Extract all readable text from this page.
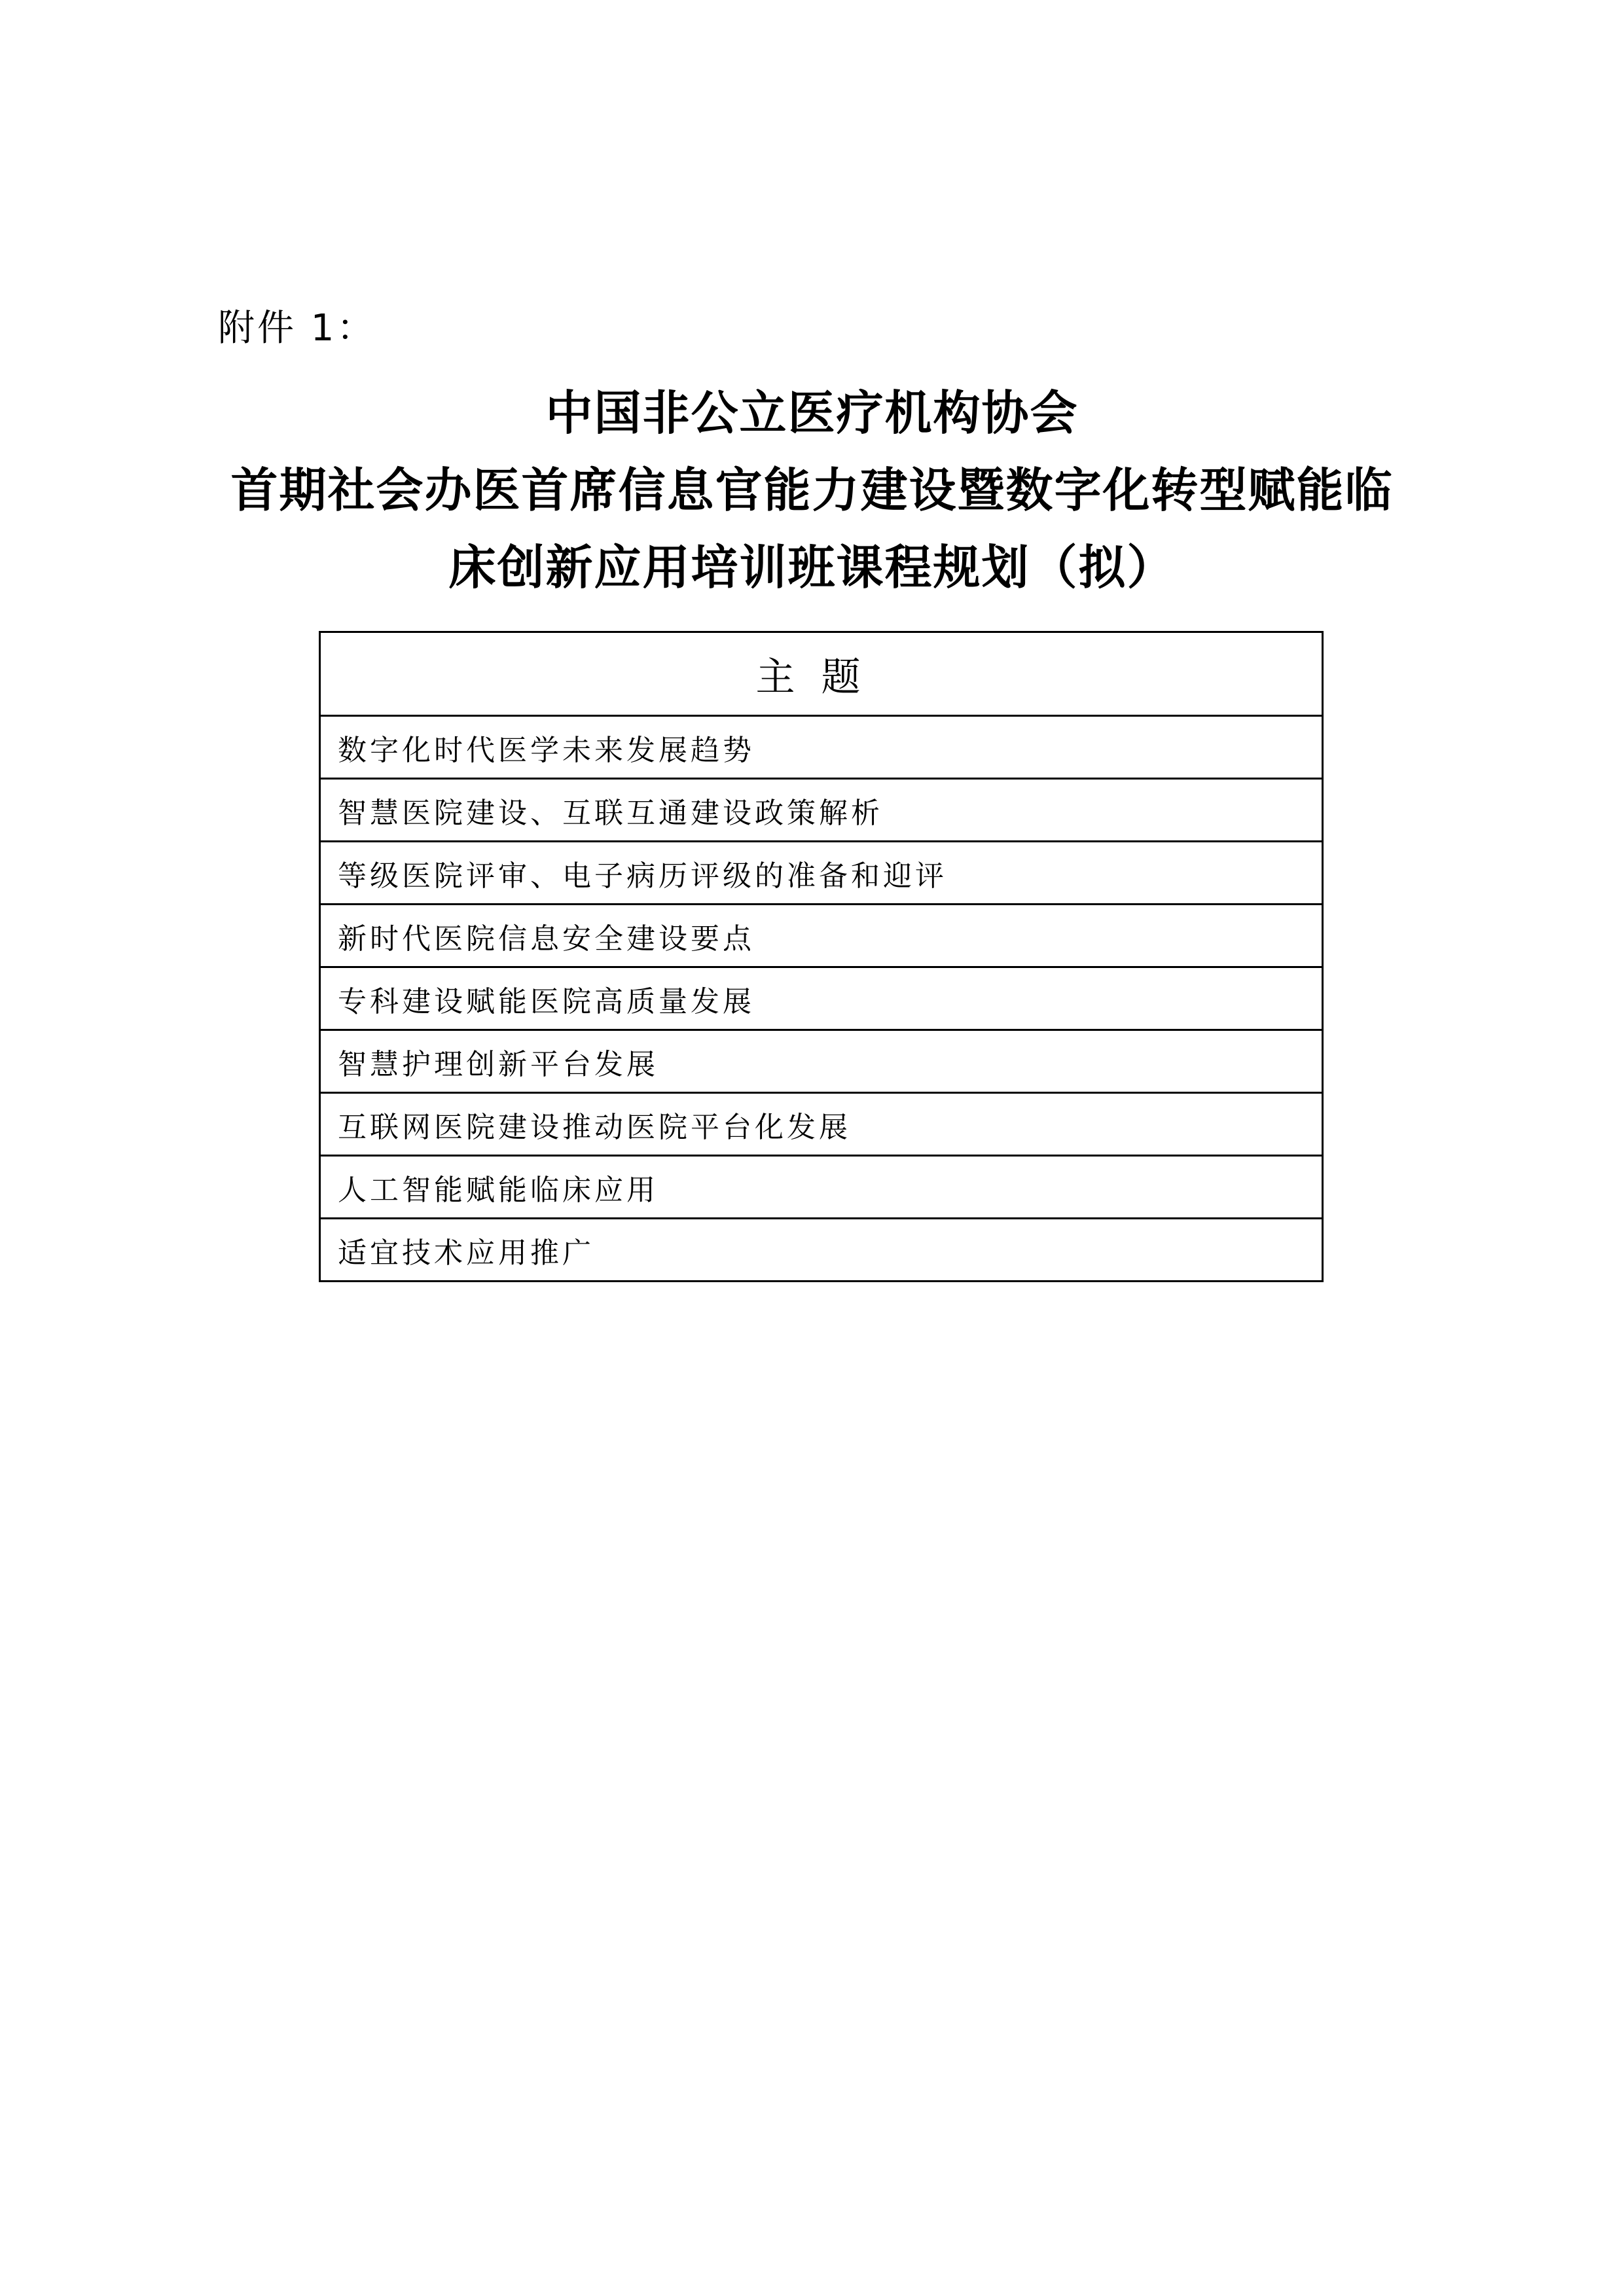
附件 1：
中国非公立医疗机构协会
首期社会办医首席信息官能力建设暨数字化转型赋能临
床创新应用培训班课程规划（拟）
主题
数字化时代医学未来发展趋势
智慧医院建设、互联互通建设政策解析
等级医院评审、电子病历评级的准备和迎评
新时代医院信息安全建设要点
专科建设赋能医院高质量发展
智慧护理创新平台发展
互联网医院建设推动医院平台化发展
人工智能赋能临床应用
适宜技术应用推广
